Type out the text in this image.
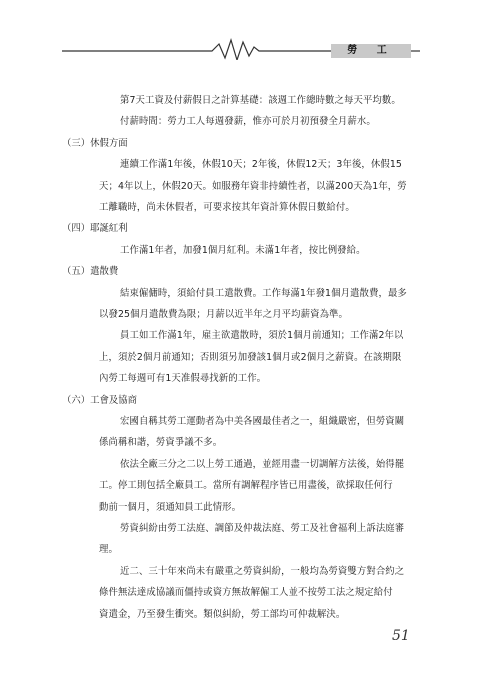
勞 工
第7天工資及付薪假日之計算基礎：該週工作總時數之每天平均數。
付薪時間：勞力工人每週發薪，惟亦可於月初預發全月薪水。
（三）休假方面
連續工作滿1年後，休假10天；2年後，休假12天；3年後，休假15
天；4年以上，休假20天。如服務年資非持續性者，以滿200天為1年，勞
工離職時，尚未休假者，可要求按其年資計算休假日數給付。
（四）耶誕紅利
工作滿1年者，加發1個月紅利。未滿1年者，按比例發給。
（五）遣散費
結束僱傭時，須給付員工遣散費。工作每滿1年發1個月遣散費，最多
以發25個月遣散費為限；月薪以近半年之月平均薪資為準。
員工如工作滿1年，雇主欲遣散時，須於1個月前通知；工作滿2年以
上，須於2個月前通知；否則須另加發該1個月或2個月之薪資。在該期限
內勞工每週可有1天准假尋找新的工作。
（六）工會及協商
宏國自稱其勞工運動者為中美各國最佳者之一，組織嚴密，但勞資關
係尚稱和諧，勞資爭議不多。
依法全廠三分之二以上勞工通過，並經用盡一切調解方法後，始得罷
工。停工則包括全廠員工。當所有調解程序皆已用盡後，欲採取任何行
動前一個月，須通知員工此情形。
勞資糾紛由勞工法庭、調節及仲裁法庭、勞工及社會福利上訴法庭審
理。
近二、三十年來尚未有嚴重之勞資糾紛，一般均為勞資雙方對合約之
條件無法達成協議而僵持或資方無故解僱工人並不按勞工法之規定給付
資遣金，乃至發生衝突。類似糾紛，勞工部均可仲裁解決。
51
